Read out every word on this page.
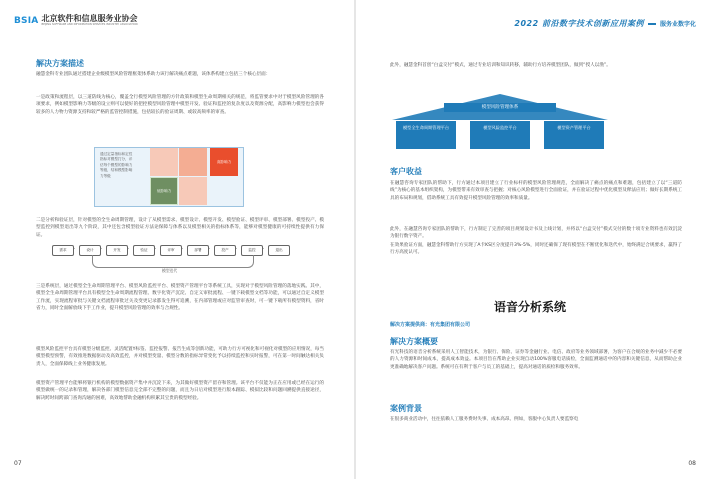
BSIA 北京软件和信息服务业协会
BEIJING SOFTWARE AND INFORMATION SERVICES INDUSTRY ASSOCIATION
解决方案描述

融慧金科专业团队通过搭建企业级模型风险管理框架体系助力该行解决痛点难题，该体系构建立包括三个核心层面：

一是政策和流程层，以三道防线为核心，覆盖全行模型风险管理的方针政策和模型生命周期相关的规范，将监管要求中对于模型风险管理的各项要求，例如模型影响力等级的设立则可以使好的把控模型风险管理中模型开发、验证和监控的复杂度以及资源分配，高影响力模型也会获得较多的人力物力资源支持和较严格的监管控制措施，包括较长的验证周期、或较高频率的审查。

通过定量指标和定性指标对模型打分，评估每个模型的影响力等级，结和模型影响力等级
高影响力
低影响力

二是分析和验证层，针对模型的全生命周期管理，设计了从模型需求、模型设计、模型开发、模型验证、模型评审、模型部署、模型投产、模型监控到模型退出等九个阶段，其中还包含模型验证方法论保障与体系以及模型相关的指标体系等，能够对模型健康的可持续性提供有力保证。

需求	›	设计	›	开发	›	验证	›	评审	›	部署	›	投产	›	监控	›	退出
模型迭代

三是系统层，通过模型全生命周期管理平台、模型风险监控平台、模型资产管理平台等系统工具，实现对于模型风险管理的落地实践。其中，模型全生命周期管理平台具有模型全生命周期流程管理、数字化资产沉淀、自定义审批流程、一键下载模型文档等功能，可以通过自定义模型工作流，实现流程审批与关键文档流程审批过关及变更记录都发生得可追溯，在内部管理或应对监管审查时，可一键下载所有模型资料，省时省力，同时全面解放线下手工作业，提升模型风险管理的效率与合规性。

模型风险监控平台具有模型分级监控、灵活配置Y标签、监控报警、报告生成等创新功能，可助力行方可视化和可视化对模型的应用情况，每当模型模型预警，有效推进数据驱动及高效监控，并对模型变量、模型分数的指标异常变化予以持续监控和实时报警，可在第一时间触达相关负责人，全面保障线上业务健康发展。

模型资产管理平台能够将银行机构的模型数据资产集中并沉淀下来，为其做好模型资产留存和管理。该平台不仅能为正在应用或已经在运行的模型做统一的记录和管理，解决各部门模型信息完全部不完整的问题，而且为日后对模型进行版本跟踪、模拟比较和问题回溯提供直接途径，解决跨时间跨部门查询沟通的困难，高效地帮助金融机构积累其宝贵的模型经验。

07
2022 前沿数字技术创新应用案例	服务业数字化

此外，融慧金科首创“白盒交付”模式，通过专业培训和知识转移，辅助行方培养模型团队，做到“授人以渔”。

模型风险管理体系
模型全生命周期管理平台	模型风险监控平台	模型资产管理平台
客户收益

在融慧咨询专家团队的帮助下，行方通过本项目建立了行业标杆的模型风险管理规范，全面解决了痛点的痛点和难题，包括建立了以“三道防线”为核心的基本组织架构，为模型带来有效审查与把握；对核心风险模型进行全面验证，并在验证过程中优化模型及释法应用；做好长期系统工具的布局和规划，借助系统工具有效提升模型风险管理的效率和质量。

此外，在融慧咨询专家团队的帮助下，行方制定了完善的项目规划设计书及上线计划，并将以“白盒交付”模式交付的数十项专业资料也有效沉淀为银行数字资产。

在效果验证方面，融慧金科帮助行方实现了A卡KS区分度提升3%-5%，同时还确保了现有模型在不断优化和迭代中，始终满足合规要求，赢得了行方高度认可。

语音分析系统
解决方案提供商：有光集团有限公司
解决方案概要

有光科技的语音分析系统采用人工智能技术，为银行、保险、证券等金融行业、电信、政府等业务领域部署，为客户在合规的业务中减少不必要的人力资源和时间成本，提高成本效益。本项目旨在帮助企业实现自动100%客服电话质检，全面监测通话中的内容和关键信息，从而帮助企业更准确地解决客户问题。系统可在有利于客户与员工的基础上，提高对通话的质检和服务效率。

案例背景

在很多商业活动中，往往依赖人工服务费时失事、成本高昂。例如，客服中心负责人要监察电

08
